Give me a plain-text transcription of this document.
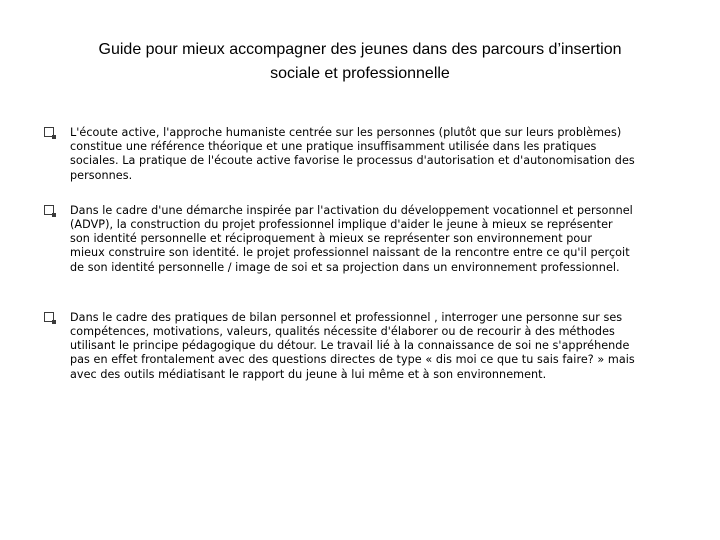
Guide pour mieux accompagner des jeunes dans des parcours d’insertion
sociale et professionnelle
L'écoute active, l'approche humaniste centrée sur les personnes (plutôt que sur leurs problèmes)
constitue une référence théorique et une pratique insuffisamment utilisée dans les pratiques
sociales. La pratique de l'écoute active favorise le processus d'autorisation et d'autonomisation des
personnes.
Dans le cadre d'une démarche inspirée par l'activation du développement vocationnel et personnel
(ADVP), la construction du projet professionnel implique d'aider le jeune à mieux se représenter
son identité personnelle et réciproquement à mieux se représenter son environnement pour
mieux construire son identité. le projet professionnel naissant de la rencontre entre ce qu'il perçoit
de son identité personnelle / image de soi et sa projection dans un environnement professionnel.
Dans le cadre des pratiques de bilan personnel et professionnel , interroger une personne sur ses
compétences, motivations, valeurs, qualités nécessite d'élaborer ou de recourir à des méthodes
utilisant le principe pédagogique du détour. Le travail lié à la connaissance de soi ne s'appréhende
pas en effet frontalement avec des questions directes de type « dis moi ce que tu sais faire? » mais
avec des outils médiatisant le rapport du jeune à lui même et à son environnement.
